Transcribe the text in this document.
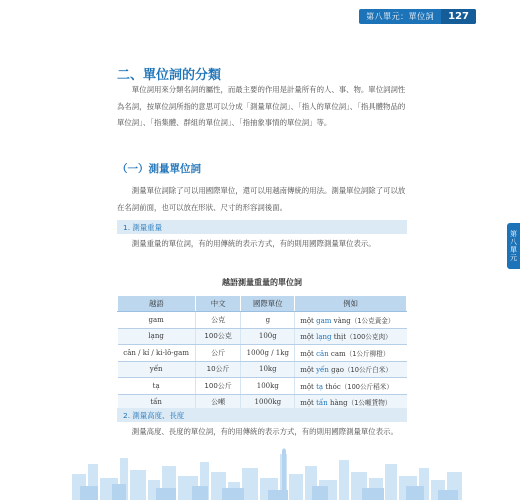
第八單元：單位詞	127
第八單元
二、單位詞的分類

單位詞用來分類名詞的屬性，而最主要的作用是計量所有的人、事、物。單位詞詞性為名詞，按單位詞所指的意思可以分成「測量單位詞」、「指人的單位詞」、「指具體物品的單位詞」、「指集體、群組的單位詞」、「指抽象事情的單位詞」等。

（一）測量單位詞

測量單位詞除了可以用國際單位，還可以用越南傳統的用法。測量單位詞除了可以放在名詞前面，也可以放在形狀、尺寸的形容詞後面。

1. 測量重量

測量重量的單位詞，有的用傳統的表示方式，有的則用國際測量單位表示。

越語測量重量的單位詞
越語	中文	國際單位	例如
gam	公克	g	một gam vàng（1公克黃金）
lạng	100公克	100g	một lạng thịt（100公克肉）
cân / kí / ki-lô-gam	公斤	1000g / 1kg	một cân cam（1公斤柳橙）
yến	10公斤	10kg	một yến gạo（10公斤白米）
tạ	100公斤	100kg	một tạ thóc（100公斤稻米）
tấn	公噸	1000kg	một tấn hàng（1公噸貨物）
2. 測量高度、長度

測量高度、長度的單位詞，有的用傳統的表示方式，有的則用國際測量單位表示。
